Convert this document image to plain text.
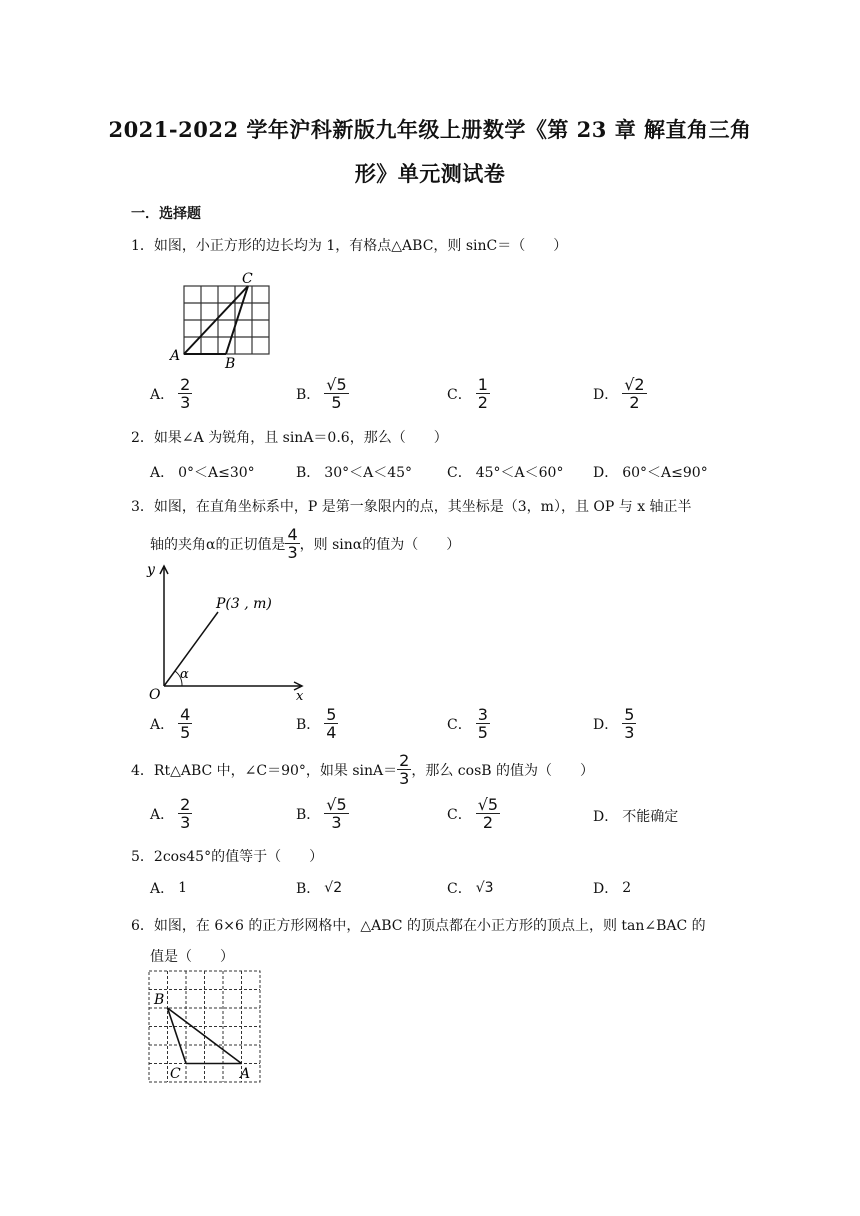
2021-2022 学年沪科新版九年级上册数学《第 23 章 解直角三角
形》单元测试卷
一．选择题
1．如图，小正方形的边长均为 1，有格点△ABC，则 sinC＝（　　）
A	B
C
A． $\frac{2}{3}$	B． $\frac{√5}{5}$	C． $\frac{1}{2}$	D． $\frac{√2}{2}$
2．如果∠A 为锐角，且 sinA＝0.6，那么（　　）
A． 0°＜A≤30°	B． 30°＜A＜45° C． 45°＜A＜60° D． 60°＜A≤90°
3．如图，在直角坐标系中，P 是第一象限内的点，其坐标是（3，m），且 OP 与 x 轴正半
轴的夹角α的正切值是 $\frac{4}{3}$ ，则 sinα的值为（　　）
y
x
O
α
P(3 , m)
A． $\frac{4}{5}$	B． $\frac{5}{4}$	C． $\frac{3}{5}$	D． $\frac{5}{3}$
4．Rt△ABC 中，∠C＝90°，如果 $\sin A= \frac{2}{3}$ ，那么 cosB 的值为（　　）
A． $\frac{2}{3}$	B． $\frac{√5}{3}$	C． $\frac{√5}{2}$	D． 不能确定
5．2cos45°的值等于（　　）
A． 1	B． √2	C． √3	D． 2
6．如图，在 6×6 的正方形网格中，△ABC 的顶点都在小正方形的顶点上，则 tan∠BAC 的
值是（　　）
B
C	A
